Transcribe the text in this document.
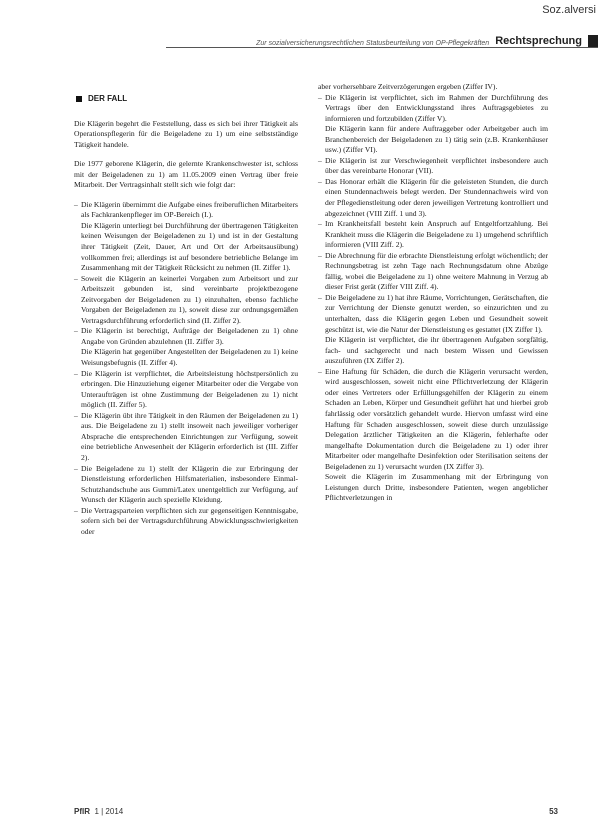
Soz.alversi
Zur sozialversicherungsrechtlichen Statusbeurteilung von OP-Pflegekräften Rechtsprechung
DER FALL

Die Klägerin begehrt die Feststellung, dass es sich bei ihrer Tätigkeit als Operationspflegerin für die Beigeladene zu 1) um eine selbstständige Tätigkeit handele.

Die 1977 geborene Klägerin, die gelernte Krankenschwester ist, schloss mit der Beigeladenen zu 1) am 11.05.2009 einen Vertrag über freie Mitarbeit. Der Vertragsinhalt stellt sich wie folgt dar:

– Die Klägerin übernimmt die Aufgabe eines freiberuflichen Mitarbeiters als Fachkrankenpfleger im OP-Bereich (I.).
Die Klägerin unterliegt bei Durchführung der übertragenen Tätigkeiten keinen Weisungen der Beigeladenen zu 1) und ist in der Gestaltung ihrer Tätigkeit (Zeit, Dauer, Art und Ort der Arbeitsausübung) vollkommen frei; allerdings ist auf besondere betriebliche Belange im Zusammenhang mit der Tätigkeit Rücksicht zu nehmen (II. Ziffer 1).
– Soweit die Klägerin an keinerlei Vorgaben zum Arbeitsort und zur Arbeitszeit gebunden ist, sind vereinbarte projektbezogene Zeitvorgaben der Beigeladenen zu 1) einzuhalten, ebenso fachliche Vorgaben der Beigeladenen zu 1), soweit diese zur ordnungsgemäßen Vertragsdurchführung erforderlich sind (II. Ziffer 2).
– Die Klägerin ist berechtigt, Aufträge der Beigeladenen zu 1) ohne Angabe von Gründen abzulehnen (II. Ziffer 3).
Die Klägerin hat gegenüber Angestellten der Beigeladenen zu 1) keine Weisungsbefugnis (II. Ziffer 4).
– Die Klägerin ist verpflichtet, die Arbeitsleistung höchstpersönlich zu erbringen. Die Hinzuziehung eigener Mitarbeiter oder die Vergabe von Unteraufträgen ist ohne Zustimmung der Beigeladenen zu 1) nicht möglich (II. Ziffer 5).
– Die Klägerin übt ihre Tätigkeit in den Räumen der Beigeladenen zu 1) aus. Die Beigeladene zu 1) stellt insoweit nach jeweiliger vorheriger Absprache die entsprechenden Einrichtungen zur Verfügung, soweit eine betriebliche Anwesenheit der Klägerin erforderlich ist (III. Ziffer 2).
– Die Beigeladene zu 1) stellt der Klägerin die zur Erbringung der Dienstleistung erforderlichen Hilfsmaterialien, insbesondere Einmal-Schutzhandschuhe aus Gummi/Latex unentgeltlich zur Verfügung, auf Wunsch der Klägerin auch spezielle Kleidung.
– Die Vertragsparteien verpflichten sich zur gegenseitigen Kenntnisgabe, sofern sich bei der Vertragsdurchführung Abwicklungsschwierigkeiten oder

aber vorhersehbare Zeitverzögerungen ergeben (Ziffer IV).

– Die Klägerin ist verpflichtet, sich im Rahmen der Durchführung des Vertrags über den Entwicklungsstand ihres Auftragsgebietes zu informieren und fortzubilden (Ziffer V).
Die Klägerin kann für andere Auftraggeber oder Arbeitgeber auch im Branchenbereich der Beigeladenen zu 1) tätig sein (z.B. Krankenhäuser usw.) (Ziffer VI).
– Die Klägerin ist zur Verschwiegenheit verpflichtet insbesondere auch über das vereinbarte Honorar (VII).
– Das Honorar erhält die Klägerin für die geleisteten Stunden, die durch einen Stundennachweis belegt werden. Der Stundennachweis wird von der Pflegedienstleitung oder deren jeweiligen Vertretung kontrolliert und abgezeichnet (VIII Ziff. 1 und 3).
– Im Krankheitsfall besteht kein Anspruch auf Entgeltfortzahlung. Bei Krankheit muss die Klägerin die Beigeladene zu 1) umgehend schriftlich informieren (VIII Ziff. 2).
– Die Abrechnung für die erbrachte Dienstleistung erfolgt wöchentlich; der Rechnungsbetrag ist zehn Tage nach Rechnungsdatum ohne Abzüge fällig, wobei die Beigeladene zu 1) ohne weitere Mahnung in Verzug ab dieser Frist gerät (Ziffer VIII Ziff. 4).
– Die Beigeladene zu 1) hat ihre Räume, Vorrichtungen, Gerätschaften, die zur Verrichtung der Dienste genutzt werden, so einzurichten und zu unterhalten, dass die Klägerin gegen Leben und Gesundheit soweit geschützt ist, wie die Natur der Dienstleistung es gestattet (IX Ziffer 1).
Die Klägerin ist verpflichtet, die ihr übertragenen Aufgaben sorgfältig, fach- und sachgerecht und nach bestem Wissen und Gewissen auszuführen (IX Ziffer 2).
– Eine Haftung für Schäden, die durch die Klägerin verursacht werden, wird ausgeschlossen, soweit nicht eine Pflichtverletzung der Klägerin oder eines Vertreters oder Erfüllungsgehilfen der Klägerin zu einem Schaden an Leben, Körper und Gesundheit geführt hat und hierbei grob fahrlässig oder vorsätzlich gehandelt wurde. Hiervon umfasst wird eine Haftung für Schaden ausgeschlossen, soweit diese durch unzulässige Delegation ärztlicher Tätigkeiten an die Klägerin, fehlerhafte oder mangelhafte Dokumentation durch die Beigeladene zu 1) oder ihrer Mitarbeiter oder mangelhafte Desinfektion oder Sterilisation seitens der Beigeladenen zu 1) verursacht wurden (IX Ziffer 3).
Soweit die Klägerin im Zusammenhang mit der Erbringung von Leistungen durch Dritte, insbesondere Patienten, wegen angeblicher Pflichtverletzungen in
PflR 1 | 2014	53
